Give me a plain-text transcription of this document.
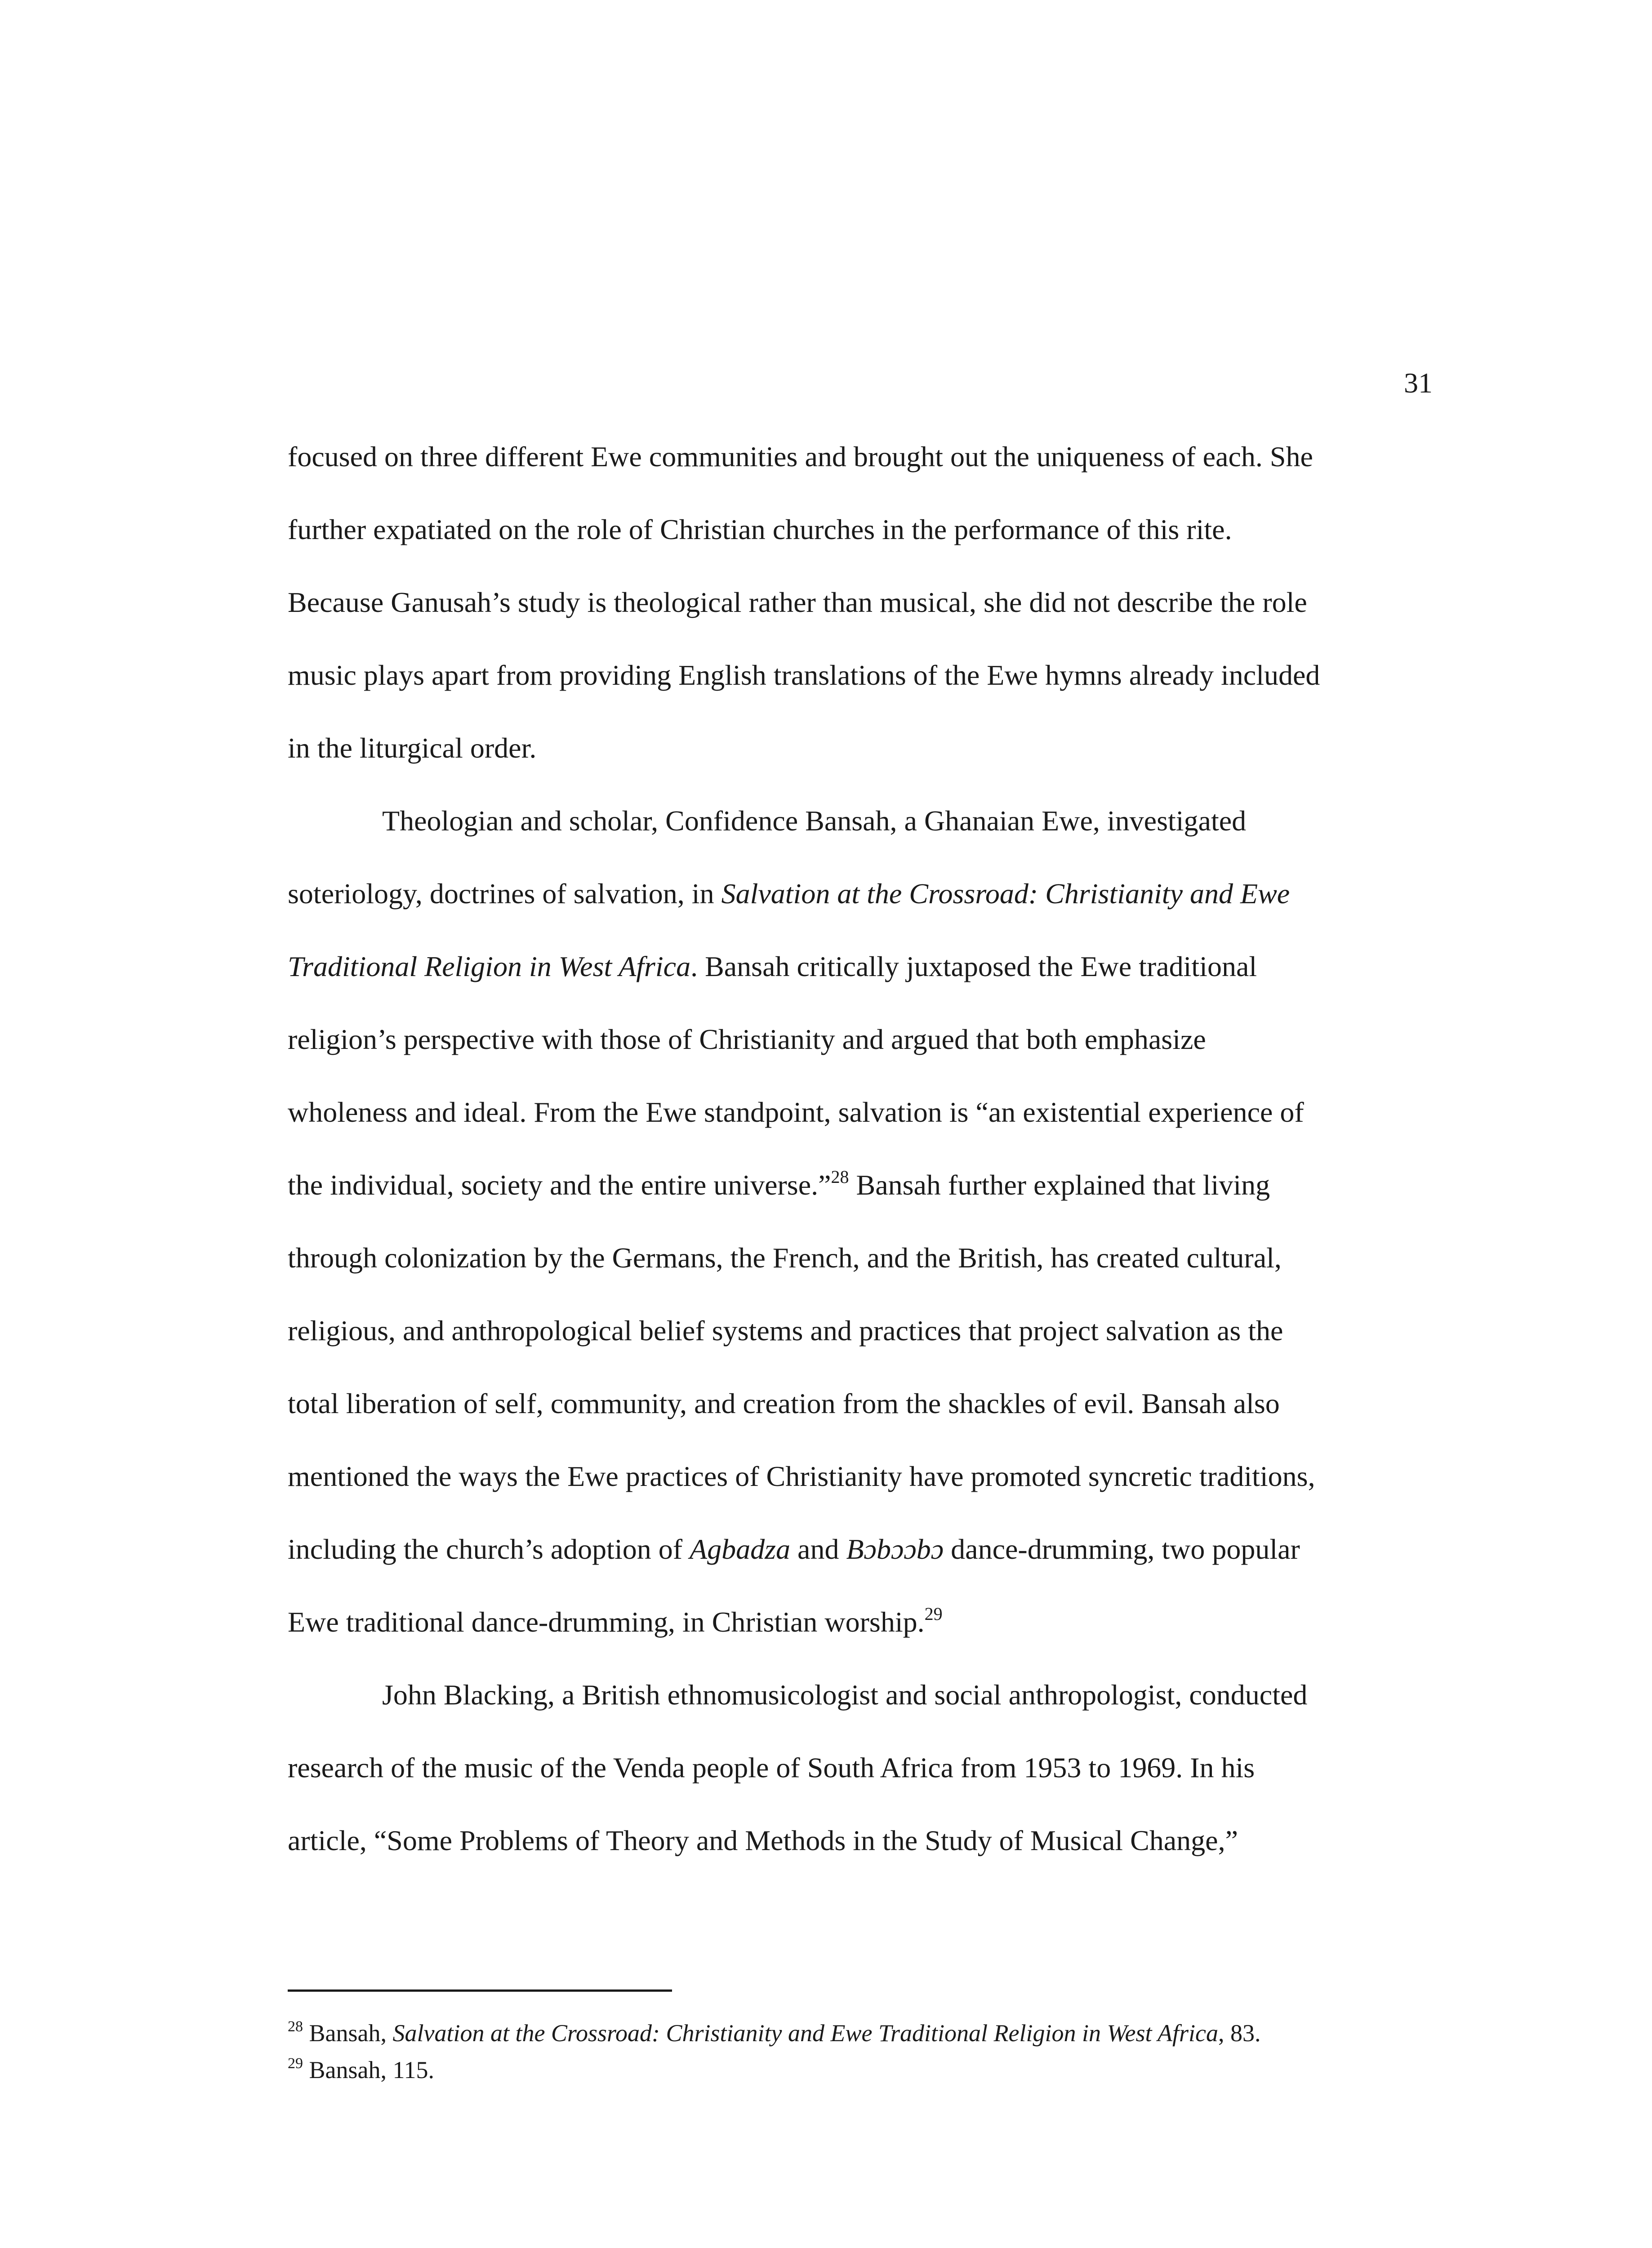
31
focused on three different Ewe communities and brought out the uniqueness of each. She
further expatiated on the role of Christian churches in the performance of this rite.
Because Ganusah’s study is theological rather than musical, she did not describe the role
music plays apart from providing English translations of the Ewe hymns already included
in the liturgical order.
Theologian and scholar, Confidence Bansah, a Ghanaian Ewe, investigated
soteriology, doctrines of salvation, in Salvation at the Crossroad: Christianity and Ewe
Traditional Religion in West Africa. Bansah critically juxtaposed the Ewe traditional
religion’s perspective with those of Christianity and argued that both emphasize
wholeness and ideal. From the Ewe standpoint, salvation is “an existential experience of
the individual, society and the entire universe.”$^{28}$ Bansah further explained that living
through colonization by the Germans, the French, and the British, has created cultural,
religious, and anthropological belief systems and practices that project salvation as the
total liberation of self, community, and creation from the shackles of evil. Bansah also
mentioned the ways the Ewe practices of Christianity have promoted syncretic traditions,
including the church’s adoption of Agbadza and Bɔbɔɔbɔ dance-drumming, two popular
Ewe traditional dance-drumming, in Christian worship.$^{29}$
John Blacking, a British ethnomusicologist and social anthropologist, conducted
research of the music of the Venda people of South Africa from 1953 to 1969. In his
article, “Some Problems of Theory and Methods in the Study of Musical Change,”
$^{28}$ Bansah, Salvation at the Crossroad: Christianity and Ewe Traditional Religion in West Africa, 83.
$^{29}$ Bansah, 115.
